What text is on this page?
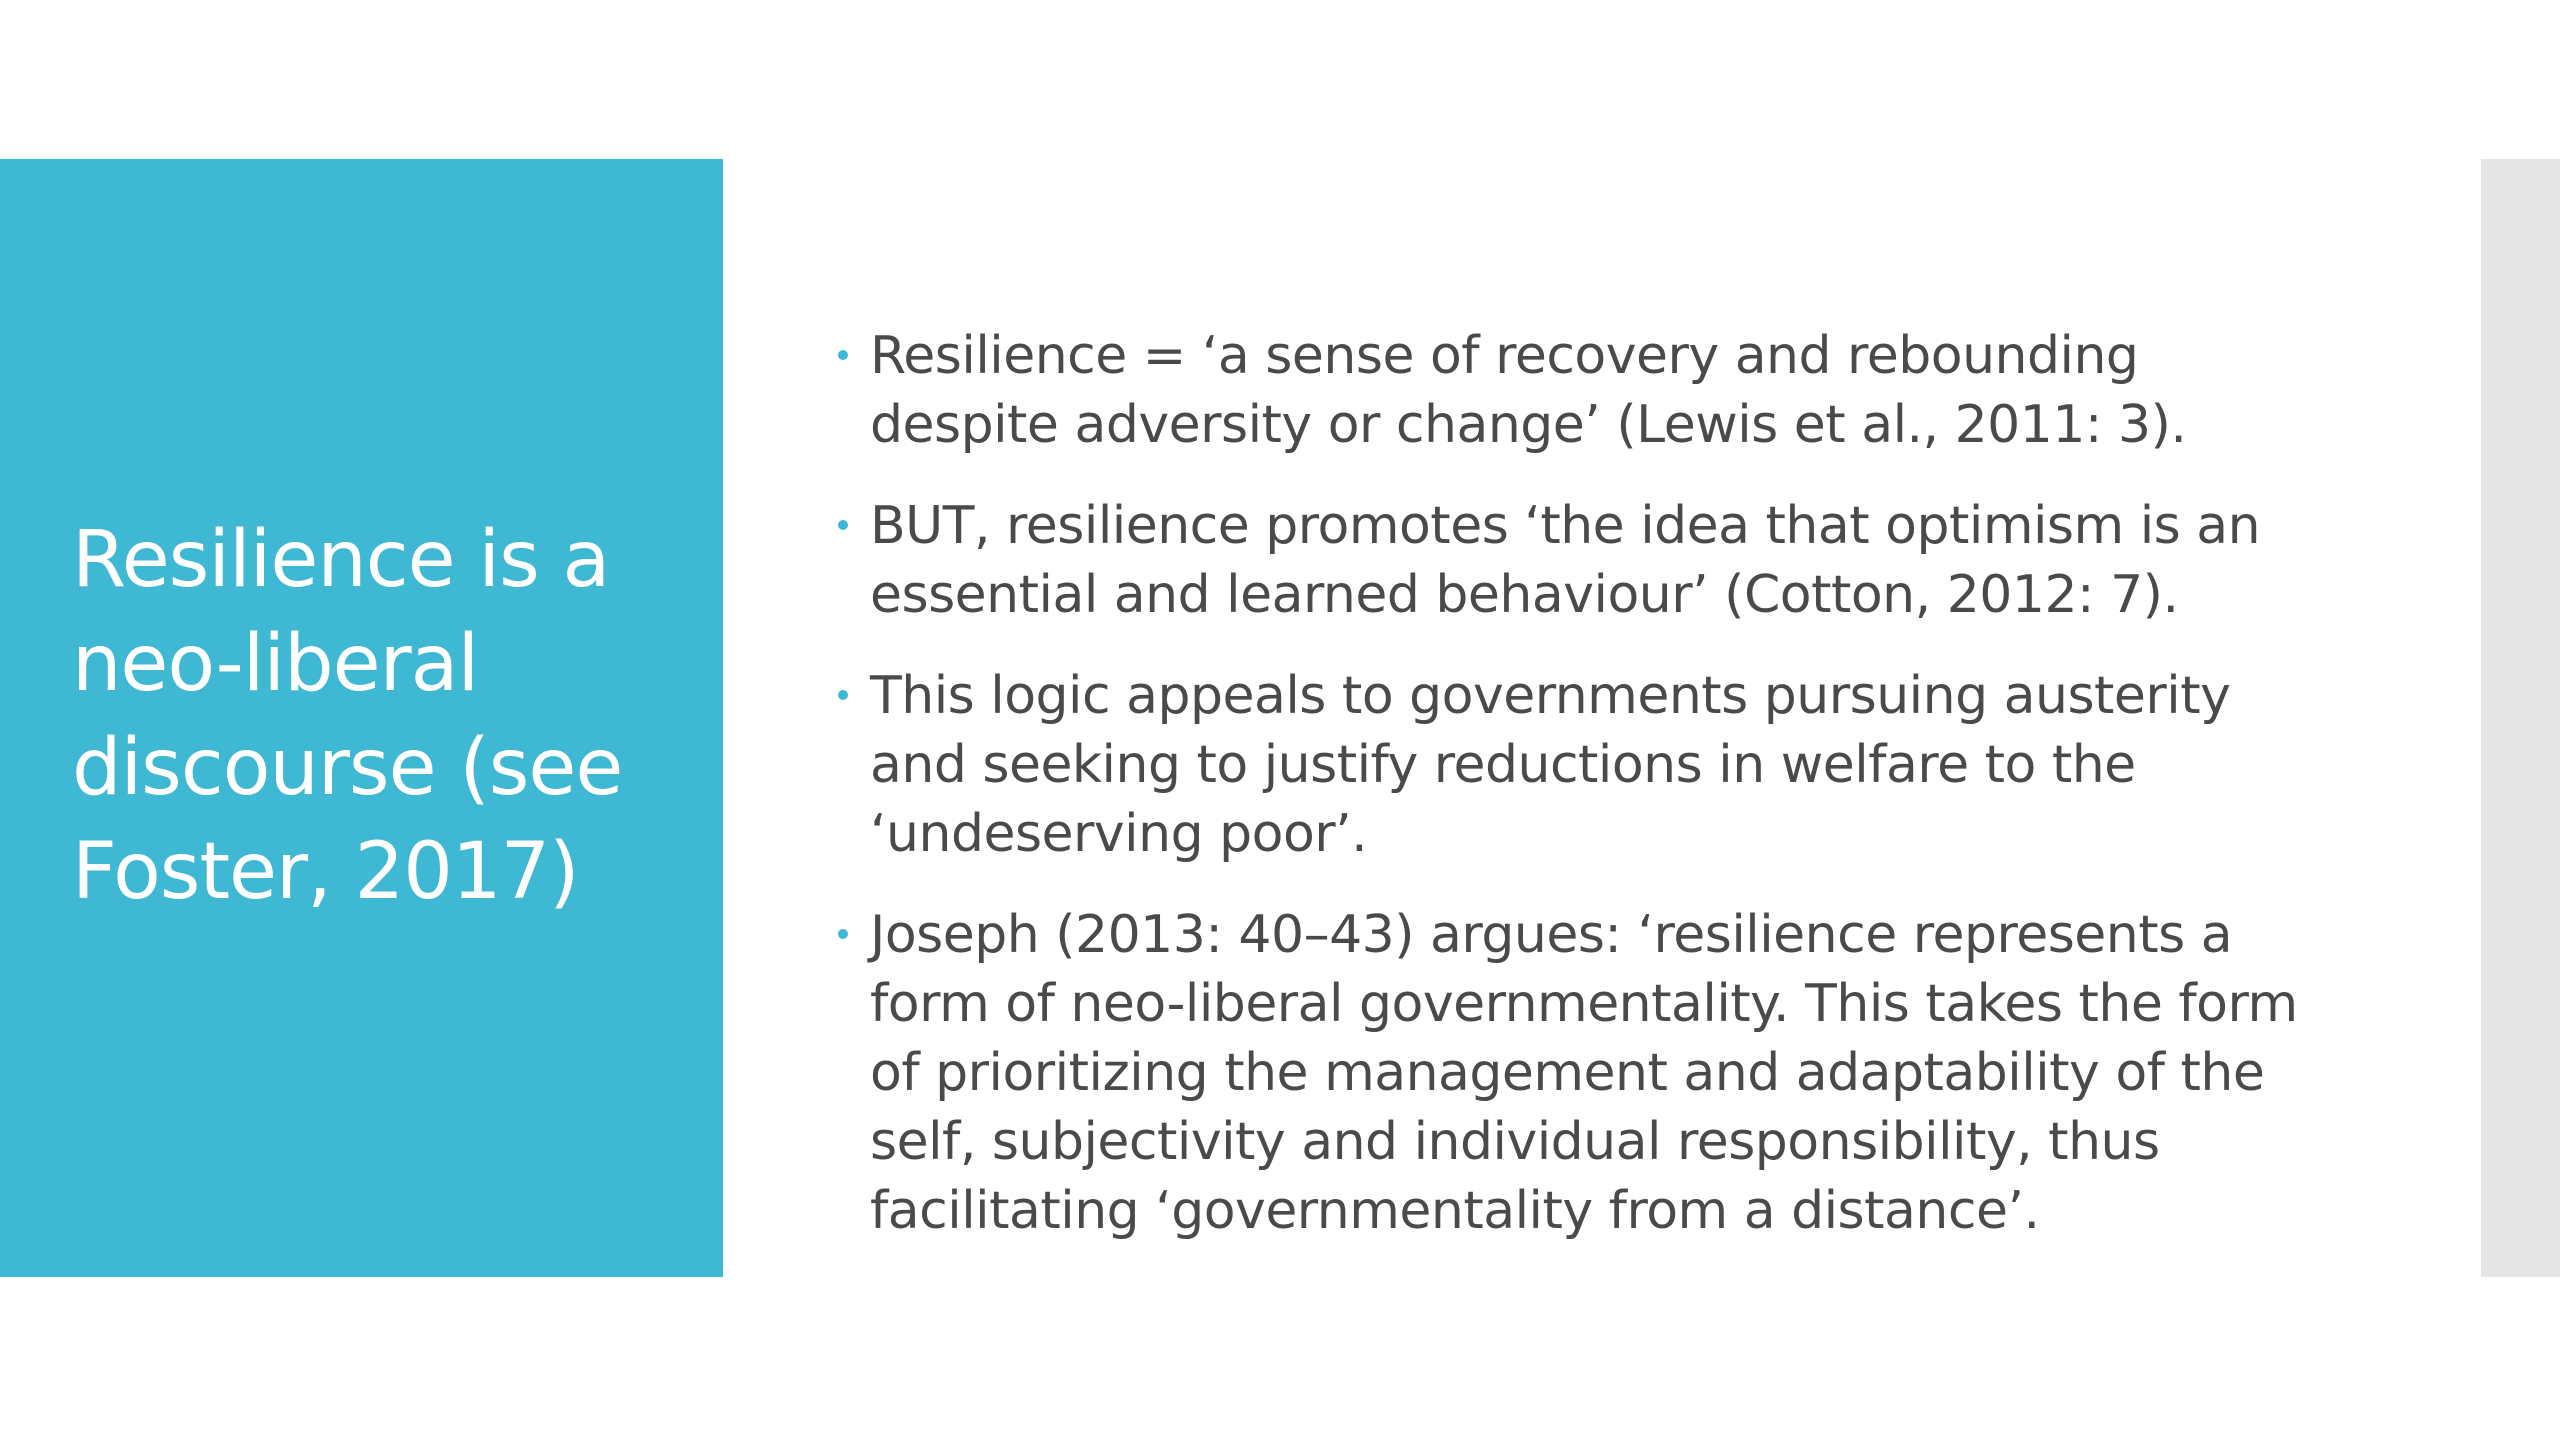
Resilience is a neo-liberal discourse (see Foster, 2017)
Resilience = ‘a sense of recovery and rebounding despite adversity or change’ (Lewis et al., 2011: 3).
BUT, resilience promotes ‘the idea that optimism is an essential and learned behaviour’ (Cotton, 2012: 7).
This logic appeals to governments pursuing austerity and seeking to justify reductions in welfare to the ‘undeserving poor’.
Joseph (2013: 40–43) argues: ‘resilience represents a form of neo-liberal governmentality. This takes the form of prioritizing the management and adaptability of the self, subjectivity and individual responsibility, thus facilitating ‘governmentality from a distance’.
